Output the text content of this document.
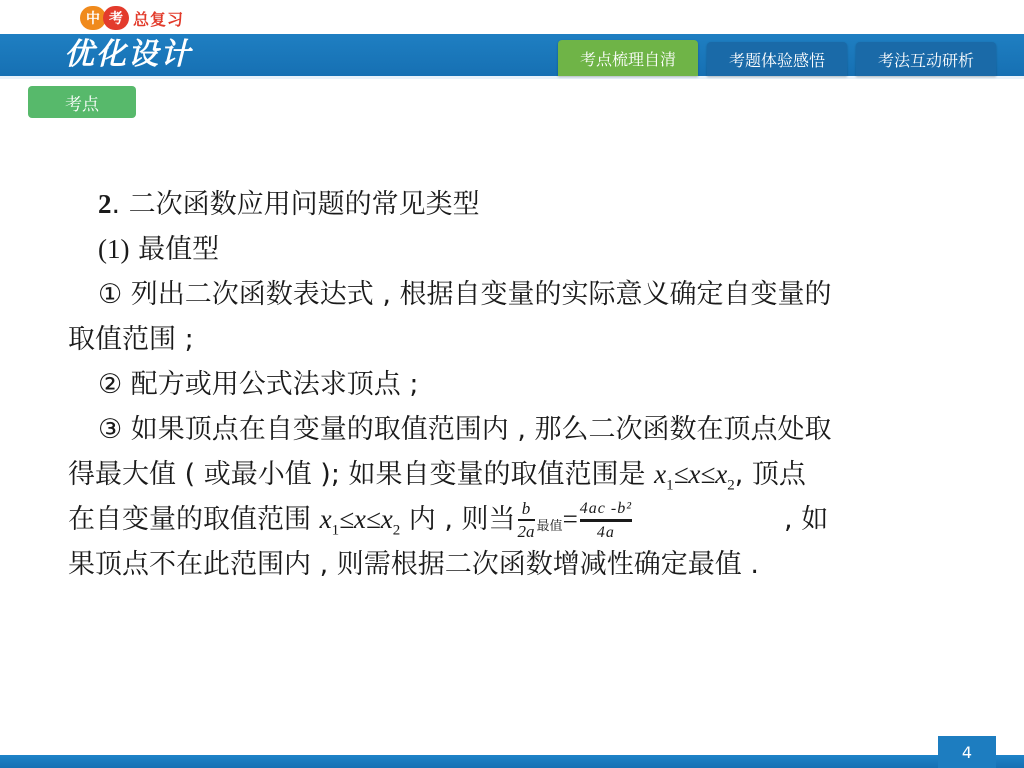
中 考 总复习
优化设计	考点梳理自清	考题体验感悟	考法互动研析
考点
2. 二次函数应用问题的常见类型
(1) 最值型
① 列出二次函数表达式 , 根据自变量的实际意义确定自变量的
取值范围 ;
② 配方或用公式法求顶点 ;
③ 如果顶点在自变量的取值范围内 , 那么二次函数在顶点处取
得最大值 ( 或最小值 ); 如果自变量的取值范围是 $x_1\le x\le x_2$, 顶点
在自变量的取值范围 $x_1\le x\le x_2$ 内 , 则当 $\frac{b}{2a}$ 最值= $\frac{\text{4ac -b²}}{4a}$	, 如
果顶点不在此范围内 , 则需根据二次函数增减性确定最值 .
4
